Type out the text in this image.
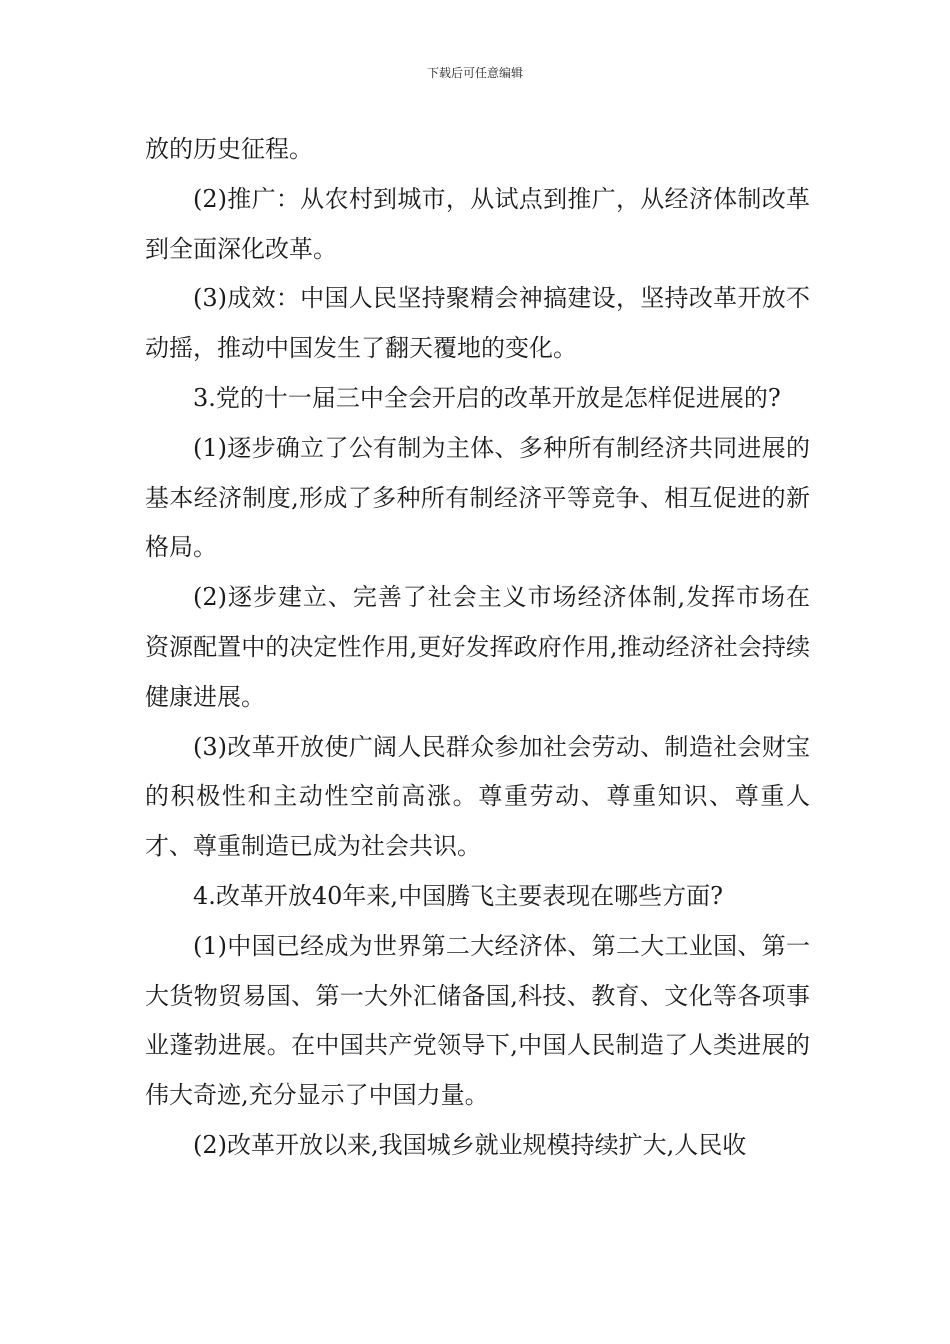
下载后可任意编辑

放的历史征程。

(2)推广：从农村到城市，从试点到推广，从经济体制改革到全面深化改革。

(3)成效：中国人民坚持聚精会神搞建设，坚持改革开放不动摇，推动中国发生了翻天覆地的变化。

3.党的十一届三中全会开启的改革开放是怎样促进展的?

(1)逐步确立了公有制为主体、多种所有制经济共同进展的基本经济制度,形成了多种所有制经济平等竞争、相互促进的新格局。

(2)逐步建立、完善了社会主义市场经济体制,发挥市场在资源配置中的决定性作用,更好发挥政府作用,推动经济社会持续健康进展。

(3)改革开放使广阔人民群众参加社会劳动、制造社会财宝的积极性和主动性空前高涨。尊重劳动、尊重知识、尊重人才、尊重制造已成为社会共识。

4.改革开放40年来,中国腾飞主要表现在哪些方面?

(1)中国已经成为世界第二大经济体、第二大工业国、第一大货物贸易国、第一大外汇储备国,科技、教育、文化等各项事业蓬勃进展。在中国共产党领导下,中国人民制造了人类进展的伟大奇迹,充分显示了中国力量。

(2)改革开放以来,我国城乡就业规模持续扩大,人民收
